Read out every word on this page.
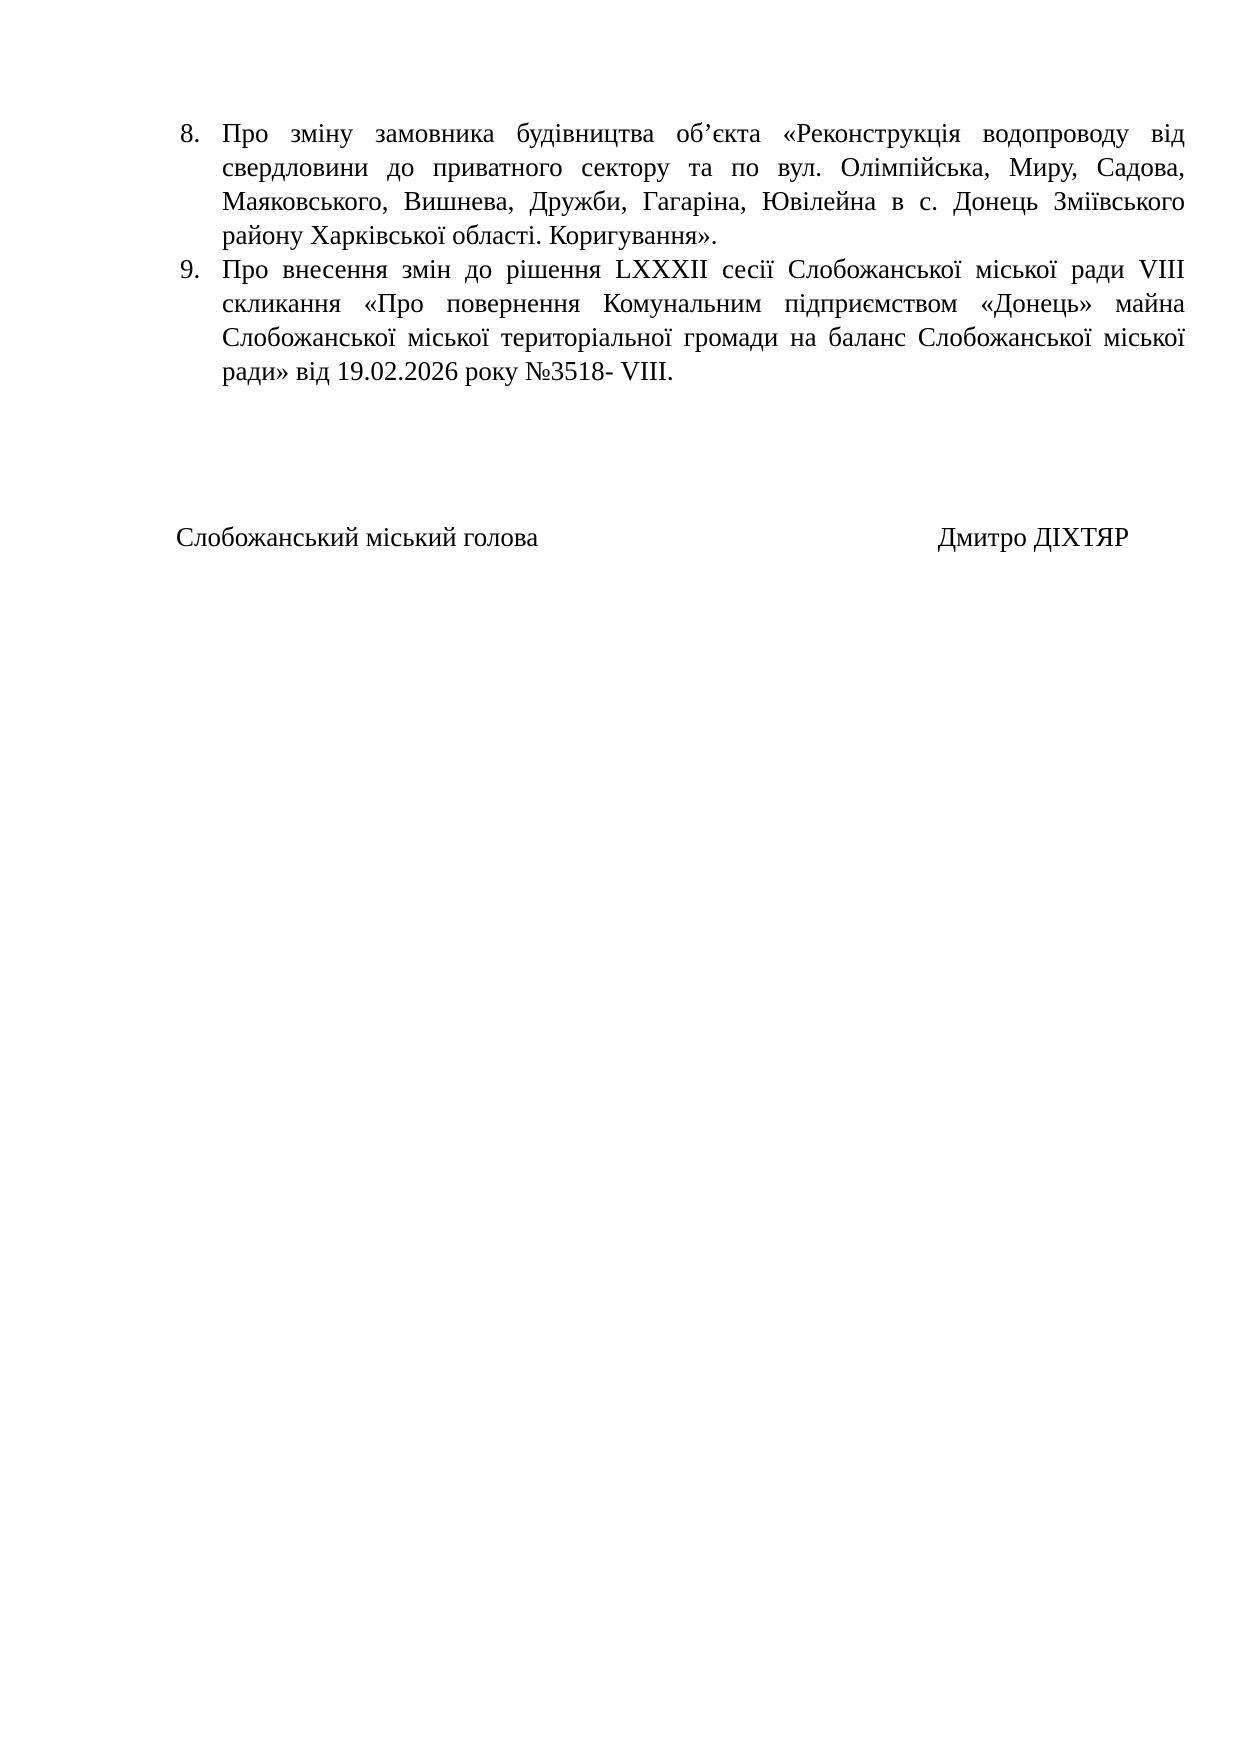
8. Про зміну замовника будівництва об’єкта «Реконструкція водопроводу від свердловини до приватного сектору та по вул. Олімпійська, Миру, Садова, Маяковського, Вишнева, Дружби, Гагаріна, Ювілейна в с. Донець Зміївського району Харківської області. Коригування».
9. Про внесення змін до рішення LXXXII сесії Слобожанської міської ради VIII скликання «Про повернення Комунальним підприємством «Донець» майна Слобожанської міської територіальної громади на баланс Слобожанської міської ради» від 19.02.2026 року №3518- VIII.
Слобожанський міський голова	Дмитро ДІХТЯР
